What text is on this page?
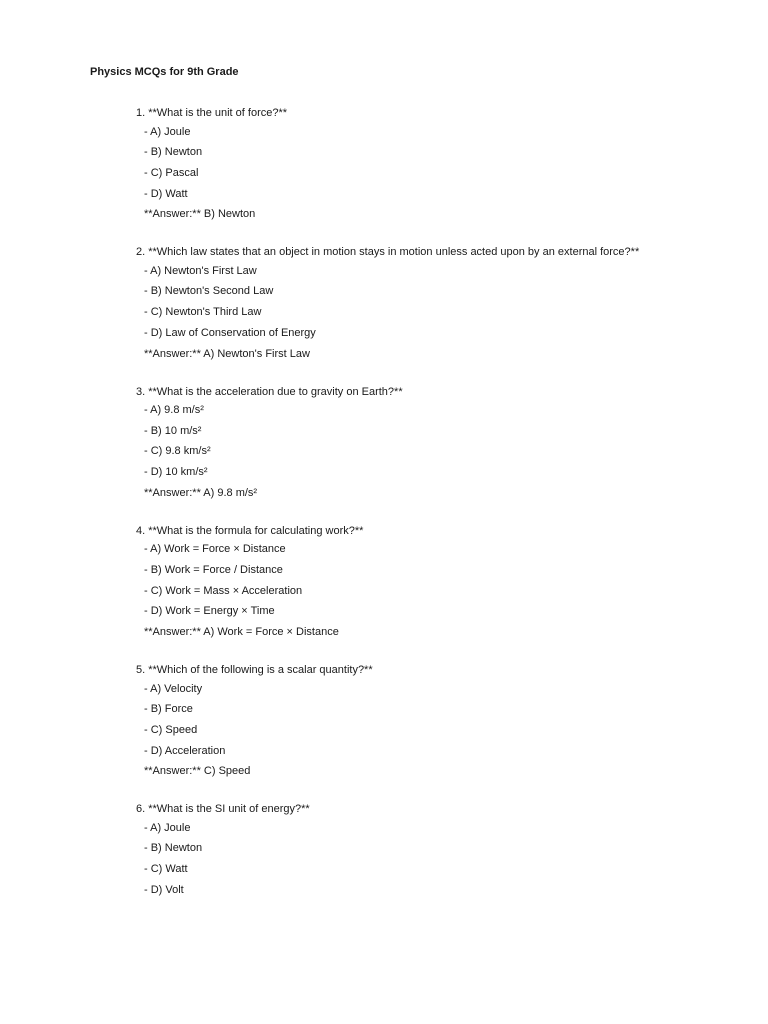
Physics MCQs for 9th Grade
1. **What is the unit of force?**
- A) Joule
- B) Newton
- C) Pascal
- D) Watt
**Answer:** B) Newton
2. **Which law states that an object in motion stays in motion unless acted upon by an external force?**
- A) Newton's First Law
- B) Newton's Second Law
- C) Newton's Third Law
- D) Law of Conservation of Energy
**Answer:** A) Newton's First Law
3. **What is the acceleration due to gravity on Earth?**
- A) 9.8 m/s²
- B) 10 m/s²
- C) 9.8 km/s²
- D) 10 km/s²
**Answer:** A) 9.8 m/s²
4. **What is the formula for calculating work?**
- A) Work = Force × Distance
- B) Work = Force / Distance
- C) Work = Mass × Acceleration
- D) Work = Energy × Time
**Answer:** A) Work = Force × Distance
5. **Which of the following is a scalar quantity?**
- A) Velocity
- B) Force
- C) Speed
- D) Acceleration
**Answer:** C) Speed
6. **What is the SI unit of energy?**
- A) Joule
- B) Newton
- C) Watt
- D) Volt
